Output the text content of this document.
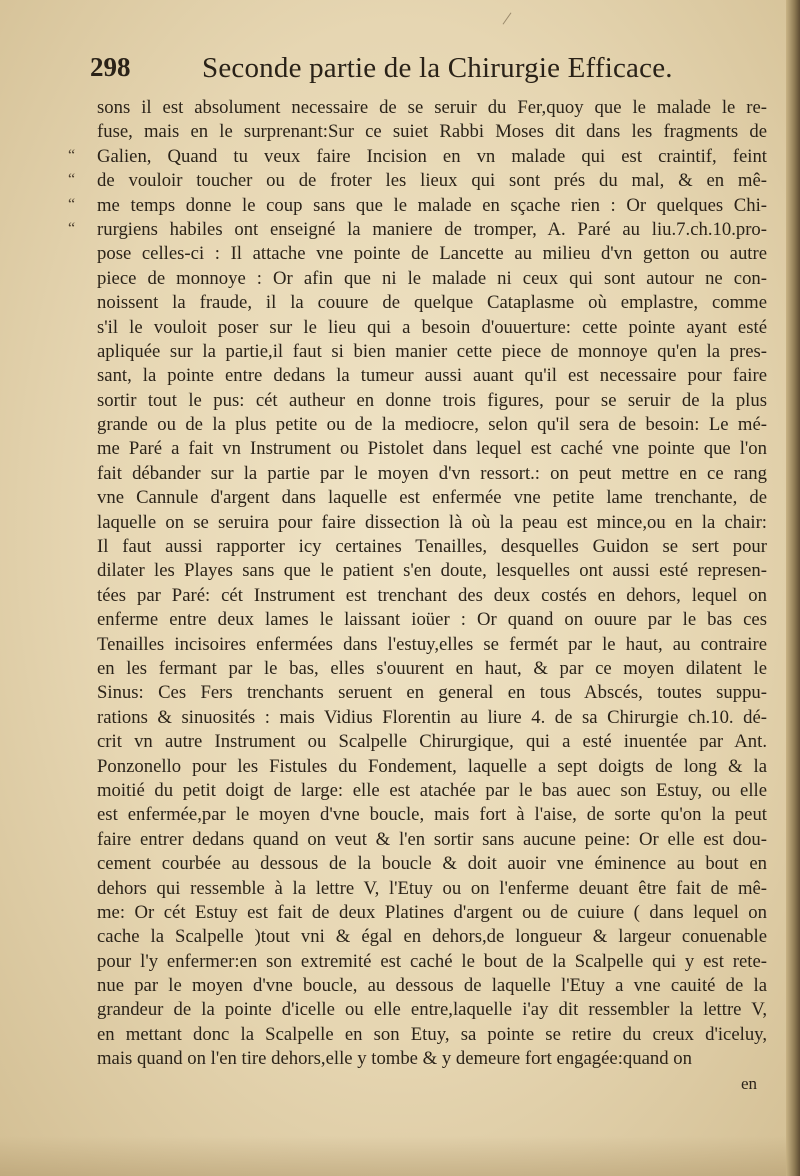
298 Seconde partie de la Chirurgie Efficace.
“
“
“
“
sons il est absolument necessaire de se seruir du Fer,quoy que le malade le re-
fuse, mais en le surprenant:Sur ce suiet Rabbi Moses dit dans les fragments de
Galien, Quand tu veux faire Incision en vn malade qui est craintif, feint
de vouloir toucher ou de froter les lieux qui sont prés du mal, & en mê-
me temps donne le coup sans que le malade en sçache rien : Or quelques Chi-
rurgiens habiles ont enseigné la maniere de tromper, A. Paré au liu.7.ch.10.pro-
pose celles-ci : Il attache vne pointe de Lancette au milieu d'vn getton ou autre
piece de monnoye : Or afin que ni le malade ni ceux qui sont autour ne con-
noissent la fraude, il la couure de quelque Cataplasme où emplastre, comme
s'il le vouloit poser sur le lieu qui a besoin d'ouuerture: cette pointe ayant esté
apliquée sur la partie,il faut si bien manier cette piece de monnoye qu'en la pres-
sant, la pointe entre dedans la tumeur aussi auant qu'il est necessaire pour faire
sortir tout le pus: cét autheur en donne trois figures, pour se seruir de la plus
grande ou de la plus petite ou de la mediocre, selon qu'il sera de besoin: Le mé-
me Paré a fait vn Instrument ou Pistolet dans lequel est caché vne pointe que l'on
fait débander sur la partie par le moyen d'vn ressort.: on peut mettre en ce rang
vne Cannule d'argent dans laquelle est enfermée vne petite lame trenchante, de
laquelle on se seruira pour faire dissection là où la peau est mince,ou en la chair:
Il faut aussi rapporter icy certaines Tenailles, desquelles Guidon se sert pour
dilater les Playes sans que le patient s'en doute, lesquelles ont aussi esté represen-
tées par Paré: cét Instrument est trenchant des deux costés en dehors, lequel on
enferme entre deux lames le laissant ioüer : Or quand on ouure par le bas ces
Tenailles incisoires enfermées dans l'estuy,elles se fermét par le haut, au contraire
en les fermant par le bas, elles s'ouurent en haut, & par ce moyen dilatent le
Sinus: Ces Fers trenchants seruent en general en tous Abscés, toutes suppu-
rations & sinuosités : mais Vidius Florentin au liure 4. de sa Chirurgie ch.10. dé-
crit vn autre Instrument ou Scalpelle Chirurgique, qui a esté inuentée par Ant.
Ponzonello pour les Fistules du Fondement, laquelle a sept doigts de long & la
moitié du petit doigt de large: elle est atachée par le bas auec son Estuy, ou elle
est enfermée,par le moyen d'vne boucle, mais fort à l'aise, de sorte qu'on la peut
faire entrer dedans quand on veut & l'en sortir sans aucune peine: Or elle est dou-
cement courbée au dessous de la boucle & doit auoir vne éminence au bout en
dehors qui ressemble à la lettre V, l'Etuy ou on l'enferme deuant être fait de mê-
me: Or cét Estuy est fait de deux Platines d'argent ou de cuiure ( dans lequel on
cache la Scalpelle )tout vni & égal en dehors,de longueur & largeur conuenable
pour l'y enfermer:en son extremité est caché le bout de la Scalpelle qui y est rete-
nue par le moyen d'vne boucle, au dessous de laquelle l'Etuy a vne cauité de la
grandeur de la pointe d'icelle ou elle entre,laquelle i'ay dit ressembler la lettre V,
en mettant donc la Scalpelle en son Etuy, sa pointe se retire du creux d'iceluy,
mais quand on l'en tire dehors,elle y tombe & y demeure fort engagée:quand on
en
